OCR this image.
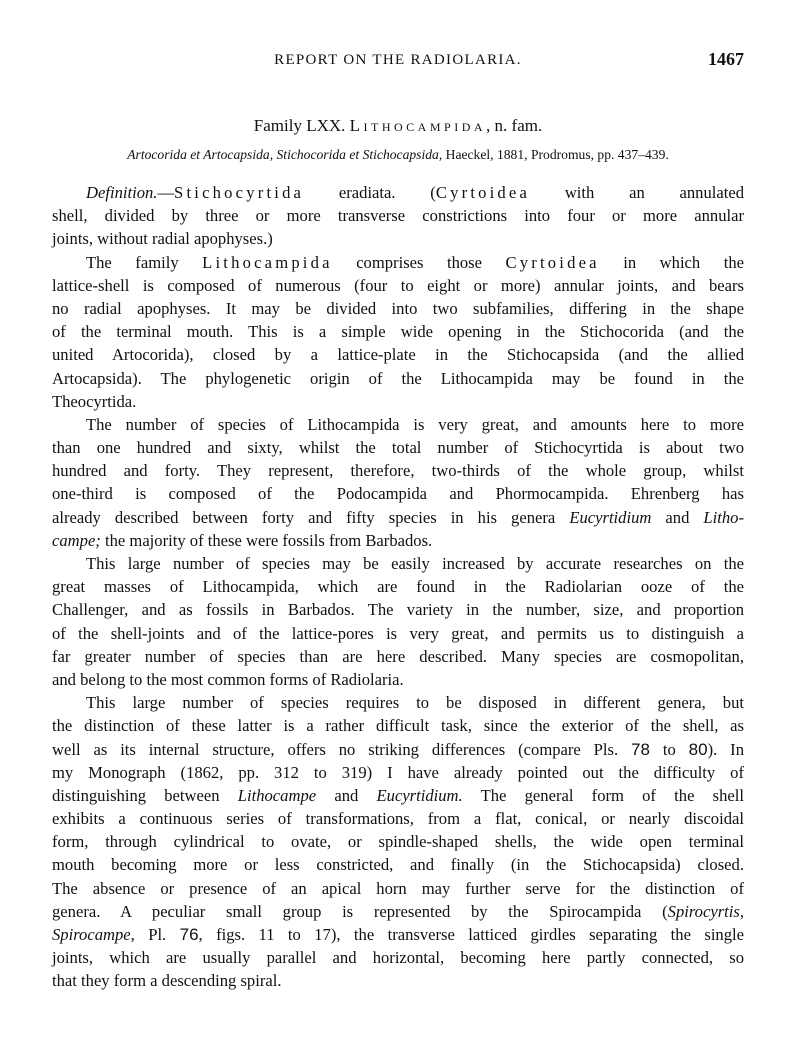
REPORT ON THE RADIOLARIA.	1467
Family LXX. Lithocampida, n. fam.
Artocorida et Artocapsida, Stichocorida et Stichocapsida, Haeckel, 1881, Prodromus, pp. 437–439.
Definition.—Stichocyrtida eradiata. (Cyrtoidea with an annulated
shell, divided by three or more transverse constrictions into four or more annular
joints, without radial apophyses.)
The family Lithocampida comprises those Cyrtoidea in which the
lattice-shell is composed of numerous (four to eight or more) annular joints, and bears
no radial apophyses. It may be divided into two subfamilies, differing in the shape
of the terminal mouth. This is a simple wide opening in the Stichocorida (and the
united Artocorida), closed by a lattice-plate in the Stichocapsida (and the allied
Artocapsida). The phylogenetic origin of the Lithocampida may be found in the
Theocyrtida.
The number of species of Lithocampida is very great, and amounts here to more
than one hundred and sixty, whilst the total number of Stichocyrtida is about two
hundred and forty. They represent, therefore, two-thirds of the whole group, whilst
one-third is composed of the Podocampida and Phormocampida. Ehrenberg has
already described between forty and fifty species in his genera Eucyrtidium and Litho-
campe; the majority of these were fossils from Barbados.
This large number of species may be easily increased by accurate researches on the
great masses of Lithocampida, which are found in the Radiolarian ooze of the
Challenger, and as fossils in Barbados. The variety in the number, size, and proportion
of the shell-joints and of the lattice-pores is very great, and permits us to distinguish a
far greater number of species than are here described. Many species are cosmopolitan,
and belong to the most common forms of Radiolaria.
This large number of species requires to be disposed in different genera, but
the distinction of these latter is a rather difficult task, since the exterior of the shell, as
well as its internal structure, offers no striking differences (compare Pls. 78 to 80). In
my Monograph (1862, pp. 312 to 319) I have already pointed out the difficulty of
distinguishing between Lithocampe and Eucyrtidium. The general form of the shell
exhibits a continuous series of transformations, from a flat, conical, or nearly discoidal
form, through cylindrical to ovate, or spindle-shaped shells, the wide open terminal
mouth becoming more or less constricted, and finally (in the Stichocapsida) closed.
The absence or presence of an apical horn may further serve for the distinction of
genera. A peculiar small group is represented by the Spirocampida (Spirocyrtis,
Spirocampe, Pl. 76, figs. 11 to 17), the transverse latticed girdles separating the single
joints, which are usually parallel and horizontal, becoming here partly connected, so
that they form a descending spiral.
